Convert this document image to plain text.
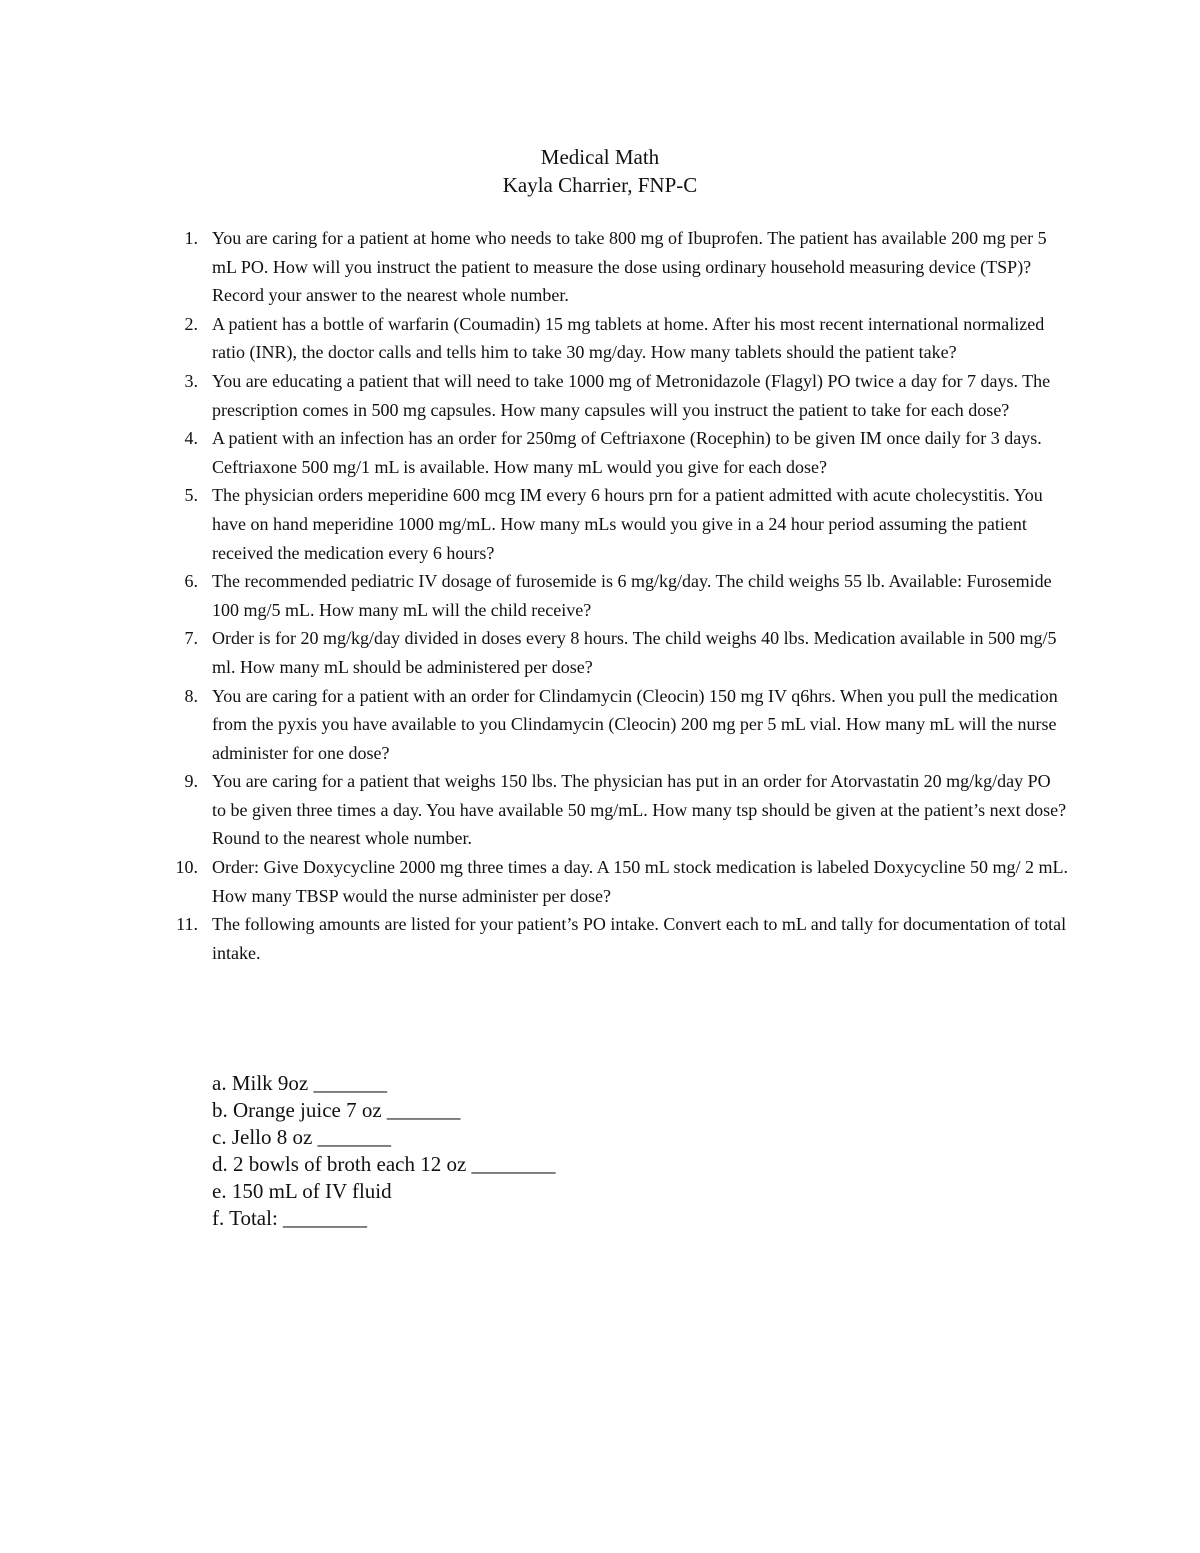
Medical Math
Kayla Charrier, FNP-C
1. You are caring for a patient at home who needs to take 800 mg of Ibuprofen. The patient has available 200 mg per 5 mL PO. How will you instruct the patient to measure the dose using ordinary household measuring device (TSP)? Record your answer to the nearest whole number.
2. A patient has a bottle of warfarin (Coumadin) 15 mg tablets at home. After his most recent international normalized ratio (INR), the doctor calls and tells him to take 30 mg/day. How many tablets should the patient take?
3. You are educating a patient that will need to take 1000 mg of Metronidazole (Flagyl) PO twice a day for 7 days. The prescription comes in 500 mg capsules. How many capsules will you instruct the patient to take for each dose?
4. A patient with an infection has an order for 250mg of Ceftriaxone (Rocephin) to be given IM once daily for 3 days. Ceftriaxone 500 mg/1 mL is available. How many mL would you give for each dose?
5. The physician orders meperidine 600 mcg IM every 6 hours prn for a patient admitted with acute cholecystitis. You have on hand meperidine 1000 mg/mL. How many mLs would you give in a 24 hour period assuming the patient received the medication every 6 hours?
6. The recommended pediatric IV dosage of furosemide is 6 mg/kg/day. The child weighs 55 lb. Available: Furosemide 100 mg/5 mL. How many mL will the child receive?
7. Order is for 20 mg/kg/day divided in doses every 8 hours. The child weighs 40 lbs. Medication available in 500 mg/5 ml. How many mL should be administered per dose?
8. You are caring for a patient with an order for Clindamycin (Cleocin) 150 mg IV q6hrs. When you pull the medication from the pyxis you have available to you Clindamycin (Cleocin) 200 mg per 5 mL vial. How many mL will the nurse administer for one dose?
9. You are caring for a patient that weighs 150 lbs. The physician has put in an order for Atorvastatin 20 mg/kg/day PO to be given three times a day. You have available 50 mg/mL. How many tsp should be given at the patient’s next dose? Round to the nearest whole number.
10. Order: Give Doxycycline 2000 mg three times a day. A 150 mL stock medication is labeled Doxycycline 50 mg/ 2 mL. How many TBSP would the nurse administer per dose?
11. The following amounts are listed for your patient’s PO intake. Convert each to mL and tally for documentation of total intake.
a. Milk 9oz _______
b. Orange juice 7 oz _______
c. Jello 8 oz _______
d. 2 bowls of broth each 12 oz ________
e. 150 mL of IV fluid
f. Total: ________
